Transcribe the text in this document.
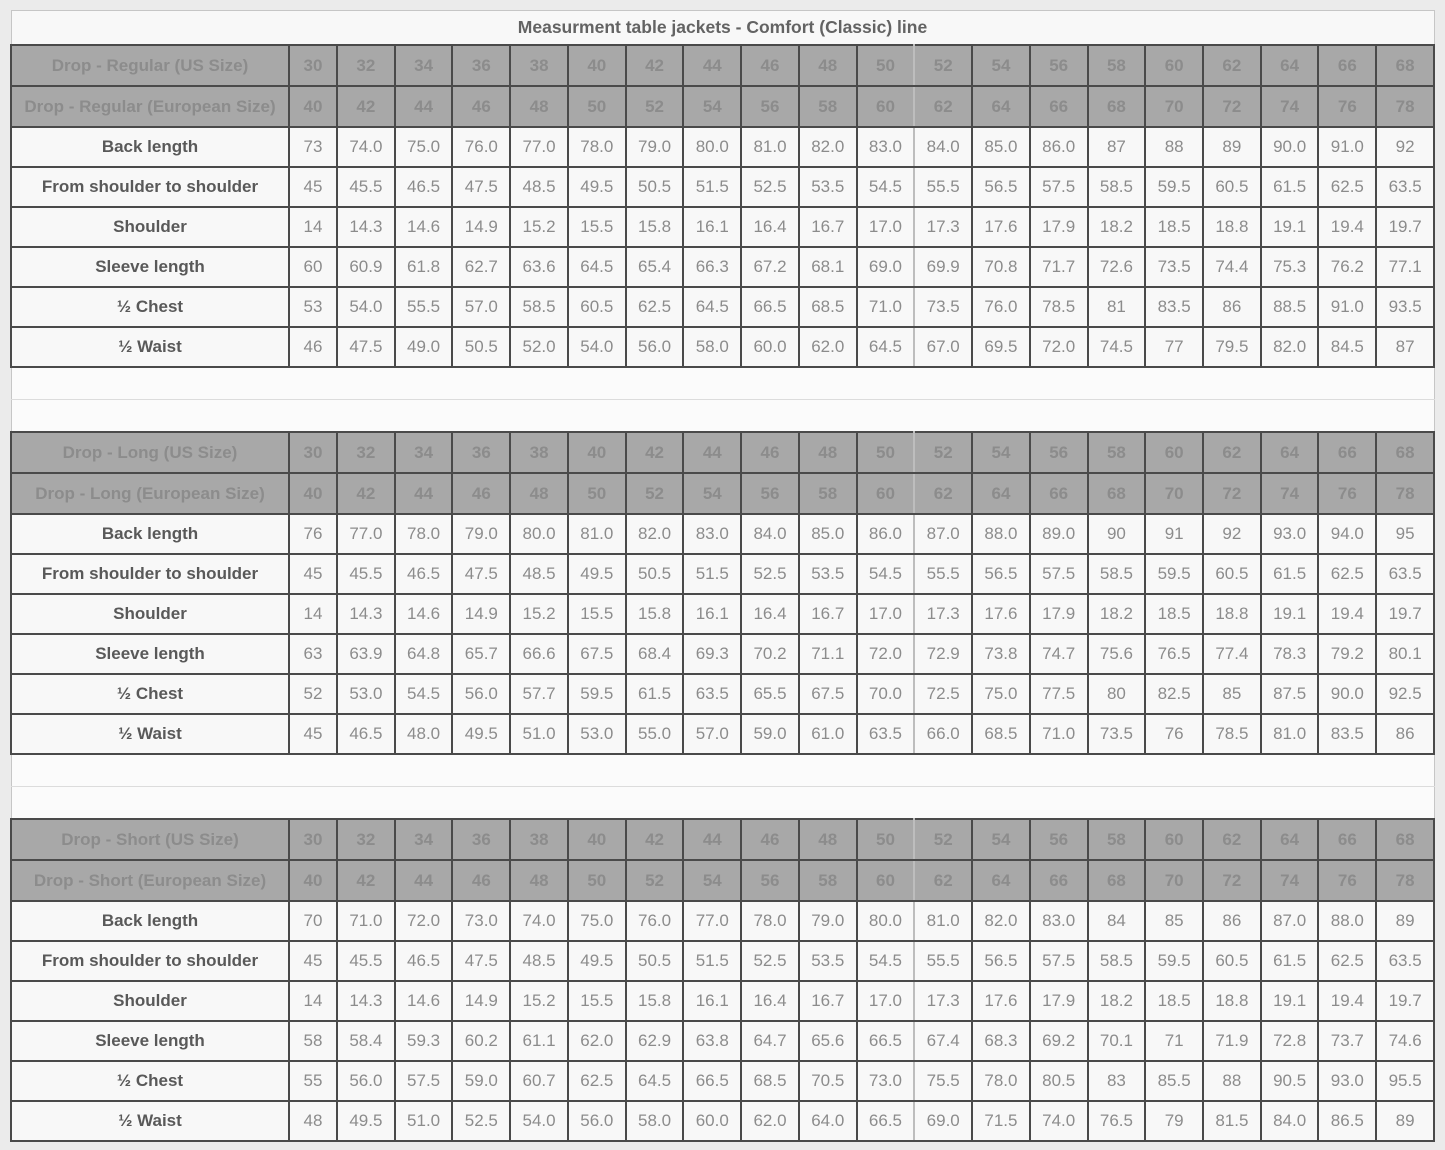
Measurment table jackets - Comfort (Classic) line																				
Drop - Regular (US Size)	30	32	34	36	38	40	42	44	46	48	50	52	54	56	58	60	62	64	66	68
Drop - Regular (European Size)	40	42	44	46	48	50	52	54	56	58	60	62	64	66	68	70	72	74	76	78
Back length	73	74.0	75.0	76.0	77.0	78.0	79.0	80.0	81.0	82.0	83.0	84.0	85.0	86.0	87	88	89	90.0	91.0	92
From shoulder to shoulder	45	45.5	46.5	47.5	48.5	49.5	50.5	51.5	52.5	53.5	54.5	55.5	56.5	57.5	58.5	59.5	60.5	61.5	62.5	63.5
Shoulder	14	14.3	14.6	14.9	15.2	15.5	15.8	16.1	16.4	16.7	17.0	17.3	17.6	17.9	18.2	18.5	18.8	19.1	19.4	19.7
Sleeve length	60	60.9	61.8	62.7	63.6	64.5	65.4	66.3	67.2	68.1	69.0	69.9	70.8	71.7	72.6	73.5	74.4	75.3	76.2	77.1
½ Chest	53	54.0	55.5	57.0	58.5	60.5	62.5	64.5	66.5	68.5	71.0	73.5	76.0	78.5	81	83.5	86	88.5	91.0	93.5
½ Waist	46	47.5	49.0	50.5	52.0	54.0	56.0	58.0	60.0	62.0	64.5	67.0	69.5	72.0	74.5	77	79.5	82.0	84.5	87

Drop - Long (US Size)	30	32	34	36	38	40	42	44	46	48	50	52	54	56	58	60	62	64	66	68
Drop - Long (European Size)	40	42	44	46	48	50	52	54	56	58	60	62	64	66	68	70	72	74	76	78
Back length	76	77.0	78.0	79.0	80.0	81.0	82.0	83.0	84.0	85.0	86.0	87.0	88.0	89.0	90	91	92	93.0	94.0	95
From shoulder to shoulder	45	45.5	46.5	47.5	48.5	49.5	50.5	51.5	52.5	53.5	54.5	55.5	56.5	57.5	58.5	59.5	60.5	61.5	62.5	63.5
Shoulder	14	14.3	14.6	14.9	15.2	15.5	15.8	16.1	16.4	16.7	17.0	17.3	17.6	17.9	18.2	18.5	18.8	19.1	19.4	19.7
Sleeve length	63	63.9	64.8	65.7	66.6	67.5	68.4	69.3	70.2	71.1	72.0	72.9	73.8	74.7	75.6	76.5	77.4	78.3	79.2	80.1
½ Chest	52	53.0	54.5	56.0	57.7	59.5	61.5	63.5	65.5	67.5	70.0	72.5	75.0	77.5	80	82.5	85	87.5	90.0	92.5
½ Waist	45	46.5	48.0	49.5	51.0	53.0	55.0	57.0	59.0	61.0	63.5	66.0	68.5	71.0	73.5	76	78.5	81.0	83.5	86

Drop - Short (US Size)	30	32	34	36	38	40	42	44	46	48	50	52	54	56	58	60	62	64	66	68
Drop - Short (European Size)	40	42	44	46	48	50	52	54	56	58	60	62	64	66	68	70	72	74	76	78
Back length	70	71.0	72.0	73.0	74.0	75.0	76.0	77.0	78.0	79.0	80.0	81.0	82.0	83.0	84	85	86	87.0	88.0	89
From shoulder to shoulder	45	45.5	46.5	47.5	48.5	49.5	50.5	51.5	52.5	53.5	54.5	55.5	56.5	57.5	58.5	59.5	60.5	61.5	62.5	63.5
Shoulder	14	14.3	14.6	14.9	15.2	15.5	15.8	16.1	16.4	16.7	17.0	17.3	17.6	17.9	18.2	18.5	18.8	19.1	19.4	19.7
Sleeve length	58	58.4	59.3	60.2	61.1	62.0	62.9	63.8	64.7	65.6	66.5	67.4	68.3	69.2	70.1	71	71.9	72.8	73.7	74.6
½ Chest	55	56.0	57.5	59.0	60.7	62.5	64.5	66.5	68.5	70.5	73.0	75.5	78.0	80.5	83	85.5	88	90.5	93.0	95.5
½ Waist	48	49.5	51.0	52.5	54.0	56.0	58.0	60.0	62.0	64.0	66.5	69.0	71.5	74.0	76.5	79	81.5	84.0	86.5	89
